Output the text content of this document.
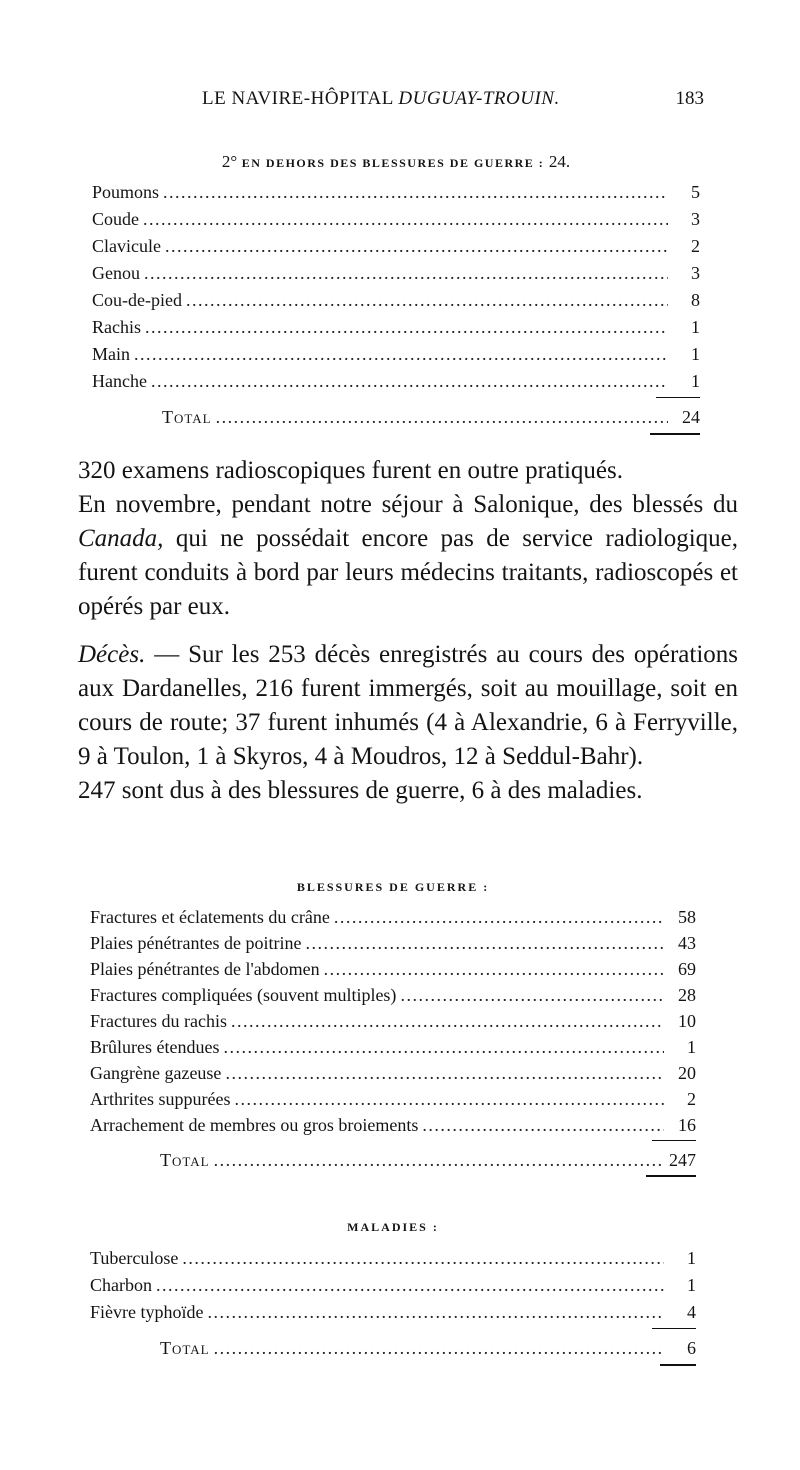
LE NAVIRE-HÔPITAL DUGUAY-TROUIN.	183
2° EN DEHORS DES BLESSURES DE GUERRE : 24.
Poumons .....	5
Coude .....	3
Clavicule .....	2
Genou .....	3
Cou-de-pied .....	8
Rachis .....	1
Main .....	1
Hanche .....	1
Total .....	24

320 examens radioscopiques furent en outre pratiqués.

En novembre, pendant notre séjour à Salonique, des blessés du Canada, qui ne possédait encore pas de service radiologique, furent conduits à bord par leurs médecins traitants, radioscopés et opérés par eux.

Décès. — Sur les 253 décès enregistrés au cours des opérations aux Dardanelles, 216 furent immergés, soit au mouillage, soit en cours de route; 37 furent inhumés (4 à Alexandrie, 6 à Ferryville, 9 à Toulon, 1 à Skyros, 4 à Moudros, 12 à Seddul-Bahr).

247 sont dus à des blessures de guerre, 6 à des maladies.

BLESSURES DE GUERRE :
Fractures et éclatements du crâne .....	58
Plaies pénétrantes de poitrine .....	43
Plaies pénétrantes de l'abdomen .....	69
Fractures compliquées (souvent multiples) .....	28
Fractures du rachis .....	10
Brûlures étendues .....	1
Gangrène gazeuse .....	20
Arthrites suppurées .....	2
Arrachement de membres ou gros broiements .....	16
Total .....	247
MALADIES :
Tuberculose .....	1
Charbon .....	1
Fièvre typhoïde .....	4
Total .....	6
